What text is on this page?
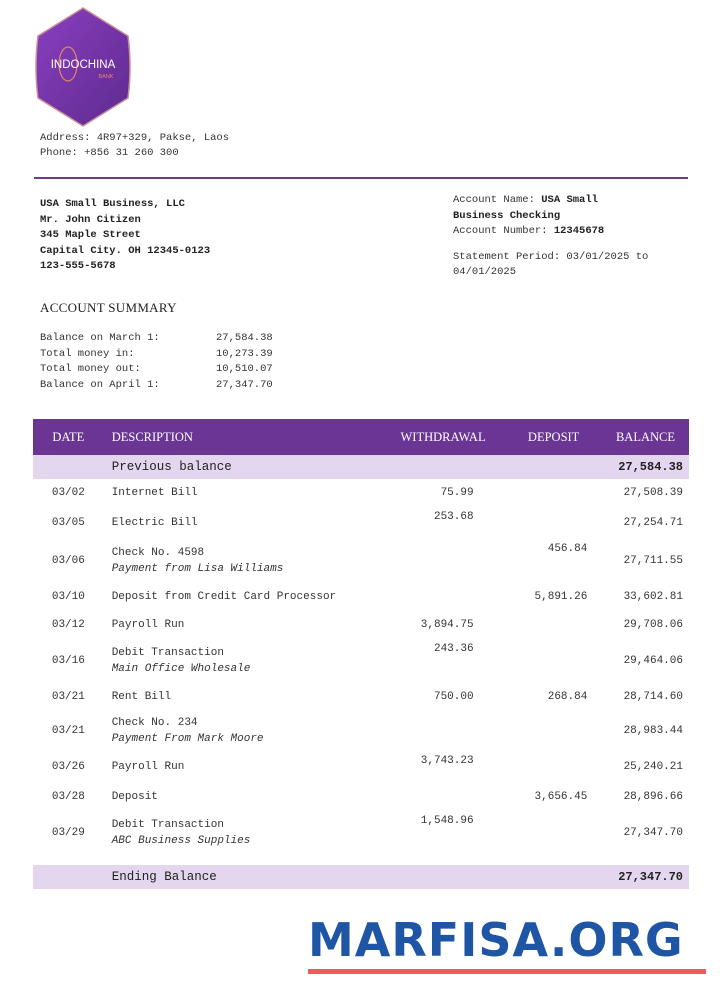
INDOCHINA
BANK
Address: 4R97+329, Pakse, Laos
Phone: +856 31 260 300
USA Small Business, LLC
Mr. John Citizen
345 Maple Street
Capital City. OH 12345-0123
123-555-5678
Account Name: USA Small
Business Checking
Account Number: 12345678
Statement Period: 03/01/2025 to
04/01/2025
ACCOUNT SUMMARY
Balance on March 1:	27,584.38
Total money in:	10,273.39
Total money out:	10,510.07
Balance on April 1:	27,347.70
DATE	DESCRIPTION	WITHDRAWAL	DEPOSIT	BALANCE
	Previous balance			27,584.38
03/02	Internet Bill	75.99		27,508.39
03/05	Electric Bill	253.68		27,254.71
03/06	Check No. 4598
Payment from Lisa Williams		456.84	27,711.55
03/10	Deposit from Credit Card Processor		5,891.26	33,602.81
03/12	Payroll Run	3,894.75		29,708.06
03/16	Debit Transaction
Main Office Wholesale	243.36		29,464.06
03/21	Rent Bill	750.00	268.84	28,714.60
03/21	Check No. 234
Payment From Mark Moore			28,983.44
03/26	Payroll Run	3,743.23		25,240.21
03/28	Deposit		3,656.45	28,896.66
03/29	Debit Transaction
ABC Business Supplies	1,548.96		27,347.70

	Ending Balance			27,347.70
MARFISA.ORG
